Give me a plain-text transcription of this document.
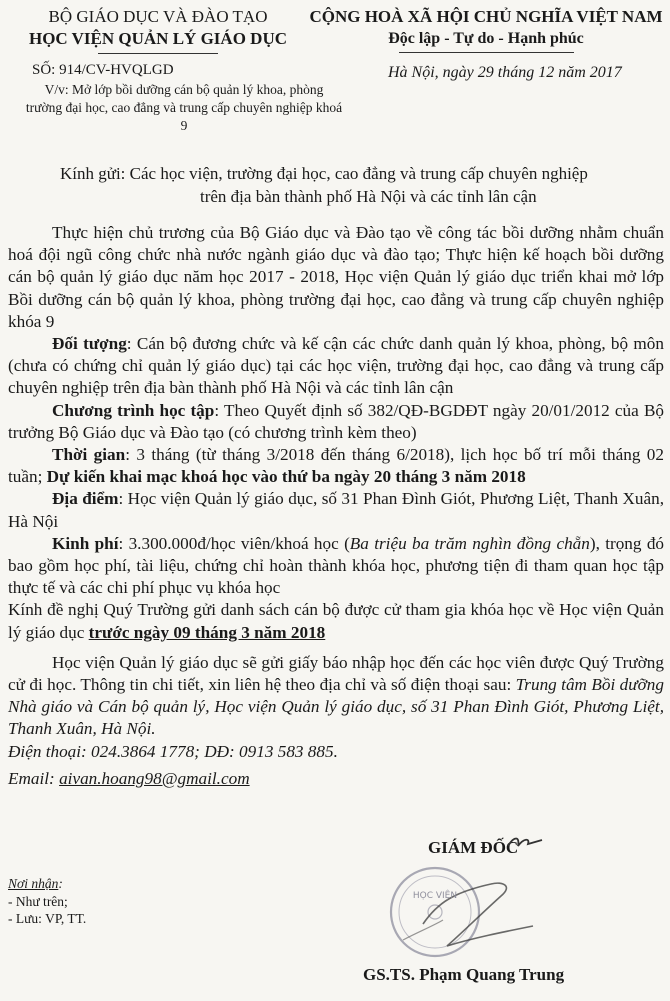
BỘ GIÁO DỤC VÀ ĐÀO TẠO
HỌC VIỆN QUẢN LÝ GIÁO DỤC
CỘNG HOÀ XÃ HỘI CHỦ NGHĨA VIỆT NAM
Độc lập - Tự do - Hạnh phúc
SỐ: 914/CV-HVQLGD
V/v: Mở lớp bồi dưỡng cán bộ quản lý khoa, phòng
trường đại học, cao đẳng và trung cấp chuyên nghiệp khoá 9
Hà Nội, ngày 29 tháng 12 năm 2017
Kính gửi: Các học viện, trường đại học, cao đẳng và trung cấp chuyên nghiệp
trên địa bàn thành phố Hà Nội và các tỉnh lân cận

Thực hiện chủ trương của Bộ Giáo dục và Đào tạo về công tác bồi dưỡng nhằm chuẩn hoá đội ngũ công chức nhà nước ngành giáo dục và đào tạo; Thực hiện kế hoạch bồi dưỡng cán bộ quản lý giáo dục năm học 2017 - 2018, Học viện Quản lý giáo dục triển khai mở lớp Bồi dưỡng cán bộ quản lý khoa, phòng trường đại học, cao đẳng và trung cấp chuyên nghiệp khóa 9

Đối tượng: Cán bộ đương chức và kế cận các chức danh quản lý khoa, phòng, bộ môn (chưa có chứng chỉ quản lý giáo dục) tại các học viện, trường đại học, cao đẳng và trung cấp chuyên nghiệp trên địa bàn thành phố Hà Nội và các tỉnh lân cận

Chương trình học tập: Theo Quyết định số 382/QĐ-BGDĐT ngày 20/01/2012 của Bộ trưởng Bộ Giáo dục và Đào tạo (có chương trình kèm theo)

Thời gian: 3 tháng (từ tháng 3/2018 đến tháng 6/2018), lịch học bố trí mỗi tháng 02 tuần; Dự kiến khai mạc khoá học vào thứ ba ngày 20 tháng 3 năm 2018

Địa điểm: Học viện Quản lý giáo dục, số 31 Phan Đình Giót, Phương Liệt, Thanh Xuân, Hà Nội

Kinh phí: 3.300.000đ/học viên/khoá học (Ba triệu ba trăm nghìn đồng chẵn), trọng đó bao gồm học phí, tài liệu, chứng chỉ hoàn thành khóa học, phương tiện đi tham quan học tập thực tế và các chi phí phục vụ khóa học

Kính đề nghị Quý Trường gửi danh sách cán bộ được cử tham gia khóa học về Học viện Quản lý giáo dục trước ngày 09 tháng 3 năm 2018

Học viện Quản lý giáo dục sẽ gửi giấy báo nhập học đến các học viên được Quý Trường cử đi học. Thông tin chi tiết, xin liên hệ theo địa chỉ và số điện thoại sau: Trung tâm Bồi dưỡng Nhà giáo và Cán bộ quản lý, Học viện Quản lý giáo dục, số 31 Phan Đình Giót, Phương Liệt, Thanh Xuân, Hà Nội.

Điện thoại: 024.3864 1778; DĐ: 0913 583 885.

Email: aivan.hoang98@gmail.com

Nơi nhận:
- Như trên;
- Lưu: VP, TT.
GIÁM ĐỐC
HỌC VIỆN
GS.TS. Phạm Quang Trung
